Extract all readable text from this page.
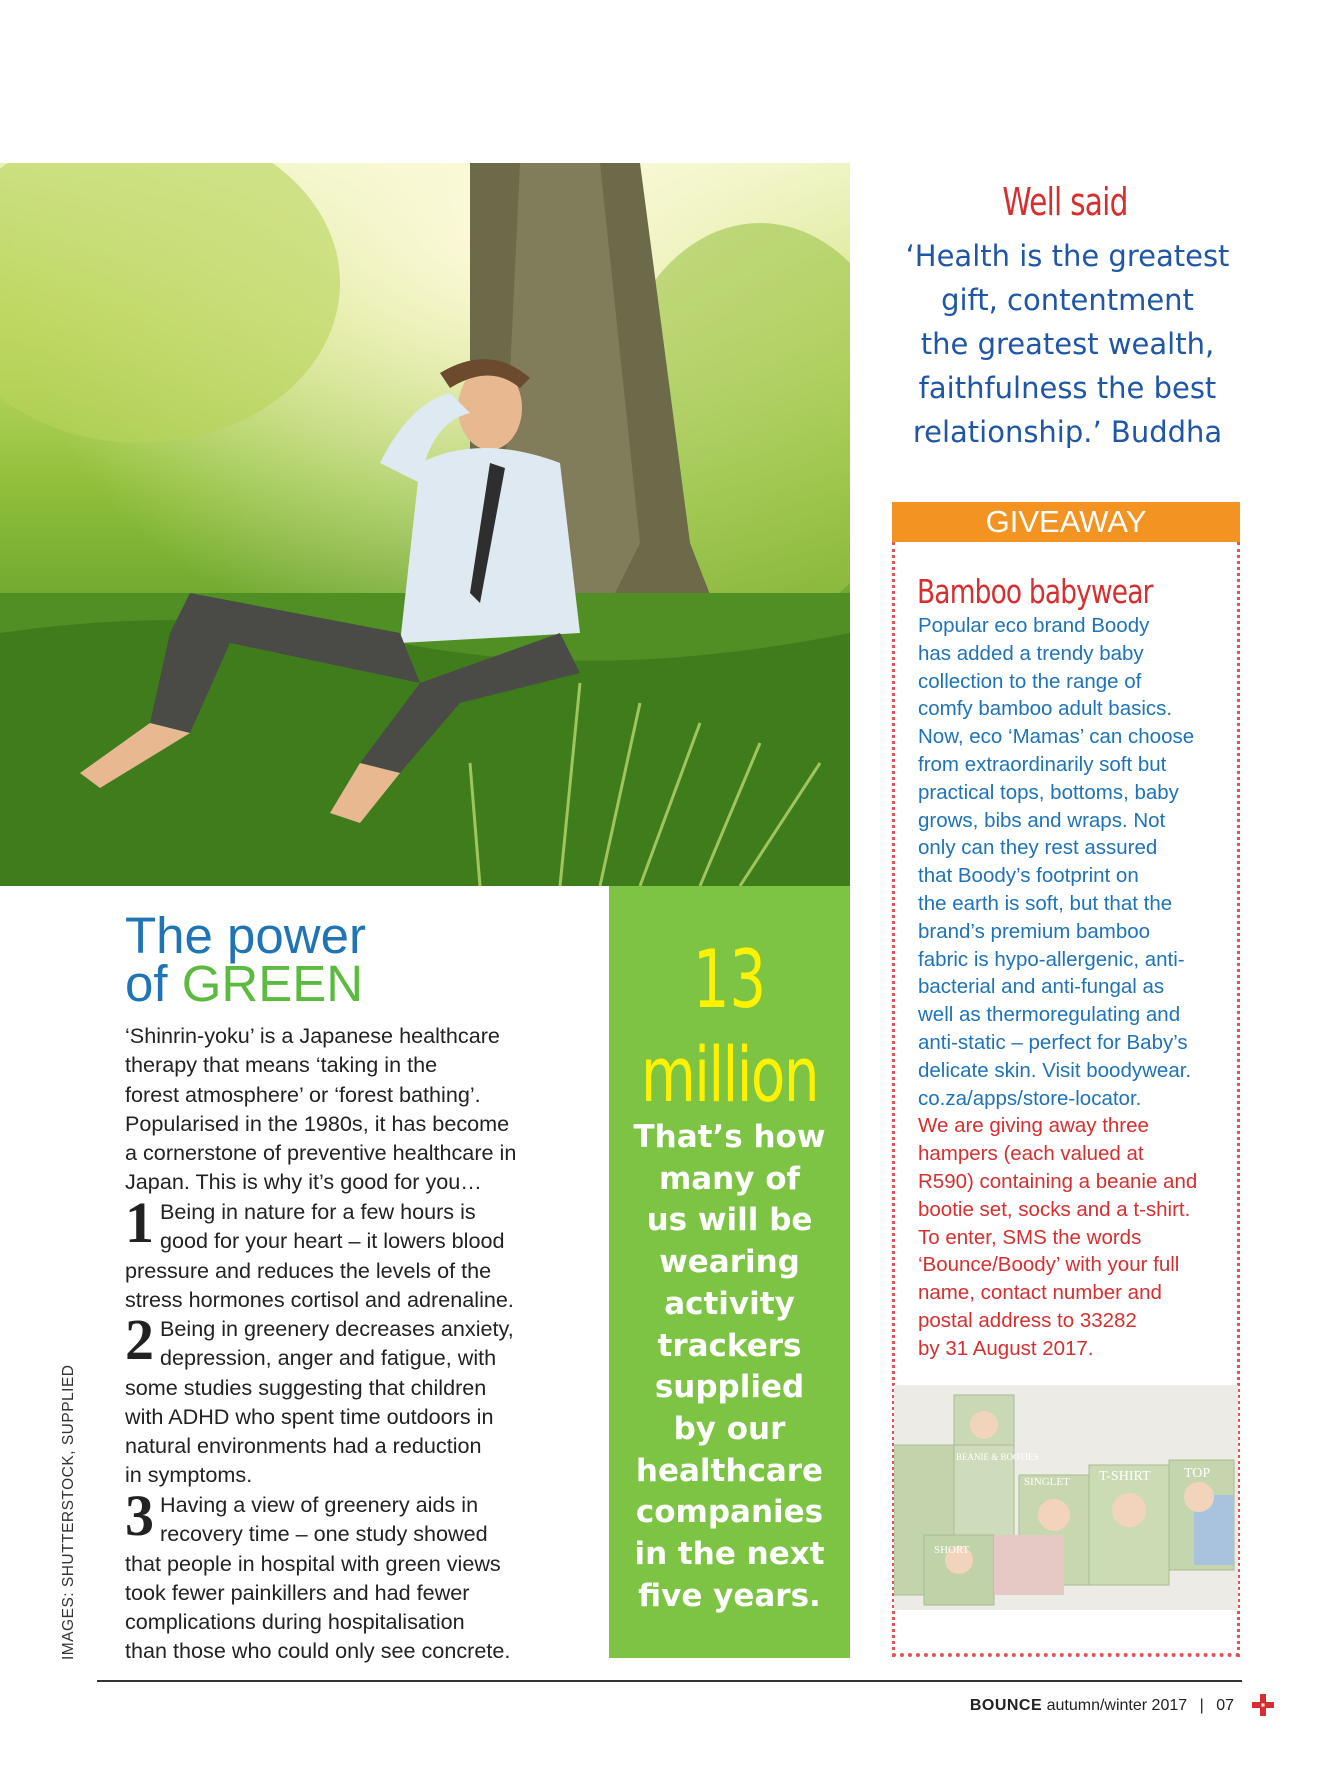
Well said
‘Health is the greatest
gift, contentment
the greatest wealth,
faithfulness the best
relationship.’ Buddha
GIVEAWAY
Bamboo babywear
Popular eco brand Boody
has added a trendy baby
collection to the range of
comfy bamboo adult basics.
Now, eco ‘Mamas’ can choose
from extraordinarily soft but
practical tops, bottoms, baby
grows, bibs and wraps. Not
only can they rest assured
that Boody’s footprint on
the earth is soft, but that the
brand’s premium bamboo
fabric is hypo-allergenic, anti-
bacterial and anti-fungal as
well as thermoregulating and
anti-static – perfect for Baby’s
delicate skin. Visit boodywear.
co.za/apps/store-locator.
We are giving away three
hampers (each valued at
R590) containing a beanie and
bootie set, socks and a t-shirt.
To enter, SMS the words
‘Bounce/Boody’ with your full
name, contact number and
postal address to 33282
by 31 August 2017.
BEANIE & BOOTIES
SINGLET T-SHIRT TOP
SHORT
13
million
That’s how
many of
us will be
wearing
activity
trackers
supplied
by our
healthcare
companies
in the next
five years.
The power
of GREEN
‘Shinrin-yoku’ is a Japanese healthcare
therapy that means ‘taking in the
forest atmosphere’ or ‘forest bathing’.
Popularised in the 1980s, it has become
a cornerstone of preventive healthcare in
Japan. This is why it’s good for you…
1 Being in nature for a few hours is
good for your heart – it lowers blood
pressure and reduces the levels of the
stress hormones cortisol and adrenaline.
2 Being in greenery decreases anxiety,
depression, anger and fatigue, with
some studies suggesting that children
with ADHD who spent time outdoors in
natural environments had a reduction
in symptoms.
3 Having a view of greenery aids in
recovery time – one study showed
that people in hospital with green views
took fewer painkillers and had fewer
complications during hospitalisation
than those who could only see concrete.
IMAGES: SHUTTERSTOCK, SUPPLIED
BOUNCE autumn/winter 2017 | 07
